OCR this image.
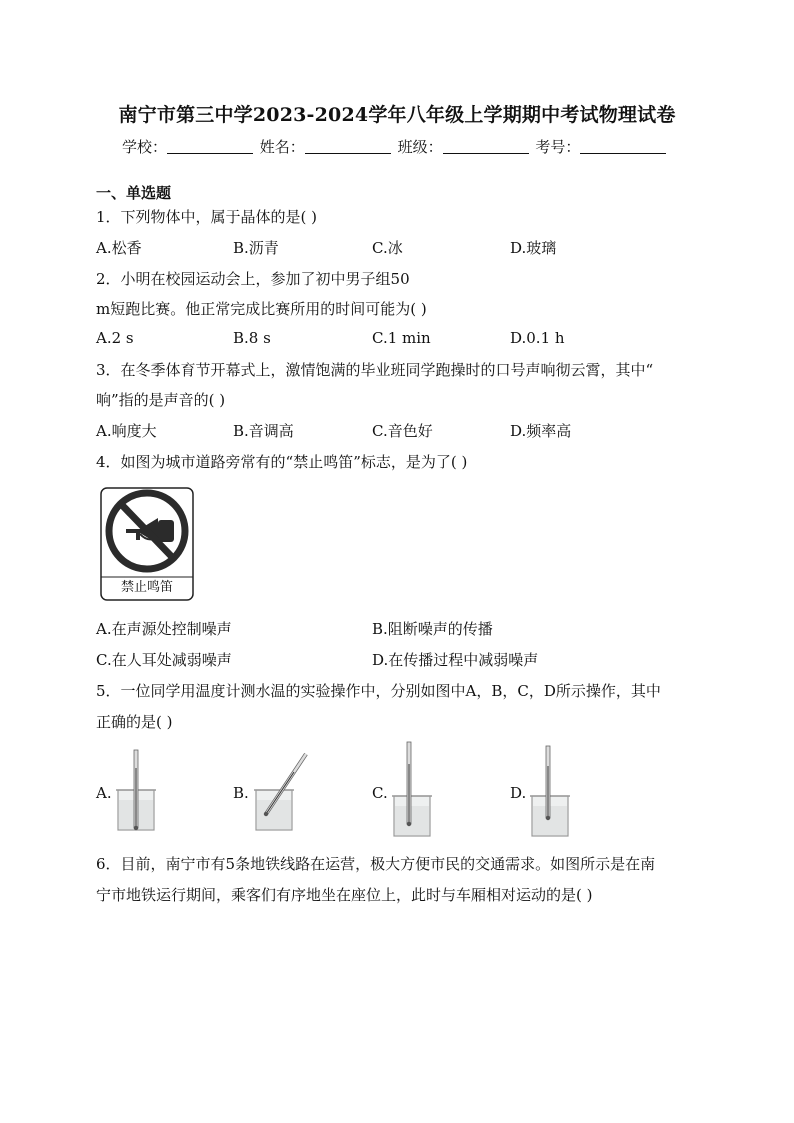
南宁市第三中学2023-2024学年八年级上学期期中考试物理试卷
学校：	姓名：	班级：	考号：
一、单选题
1．下列物体中，属于晶体的是( )
A.松香	B.沥青	C.冰	D.玻璃
2．小明在校园运动会上，参加了初中男子组50
m短跑比赛。他正常完成比赛所用的时间可能为( )
A.2 s	B.8 s	C.1 min	D.0.1 h
3．在冬季体育节开幕式上，激情饱满的毕业班同学跑操时的口号声响彻云霄，其中“
响”指的是声音的( )
A.响度大	B.音调高	C.音色好	D.频率高
4．如图为城市道路旁常有的“禁止鸣笛”标志，是为了( )
禁止鸣笛
A.在声源处控制噪声	B.阻断噪声的传播
C.在人耳处减弱噪声	D.在传播过程中减弱噪声
5．一位同学用温度计测水温的实验操作中，分别如图中A，B，C，D所示操作，其中
正确的是( )
A.	B.	C.	D.
6．目前，南宁市有5条地铁线路在运营，极大方便市民的交通需求。如图所示是在南
宁市地铁运行期间，乘客们有序地坐在座位上，此时与车厢相对运动的是( )
